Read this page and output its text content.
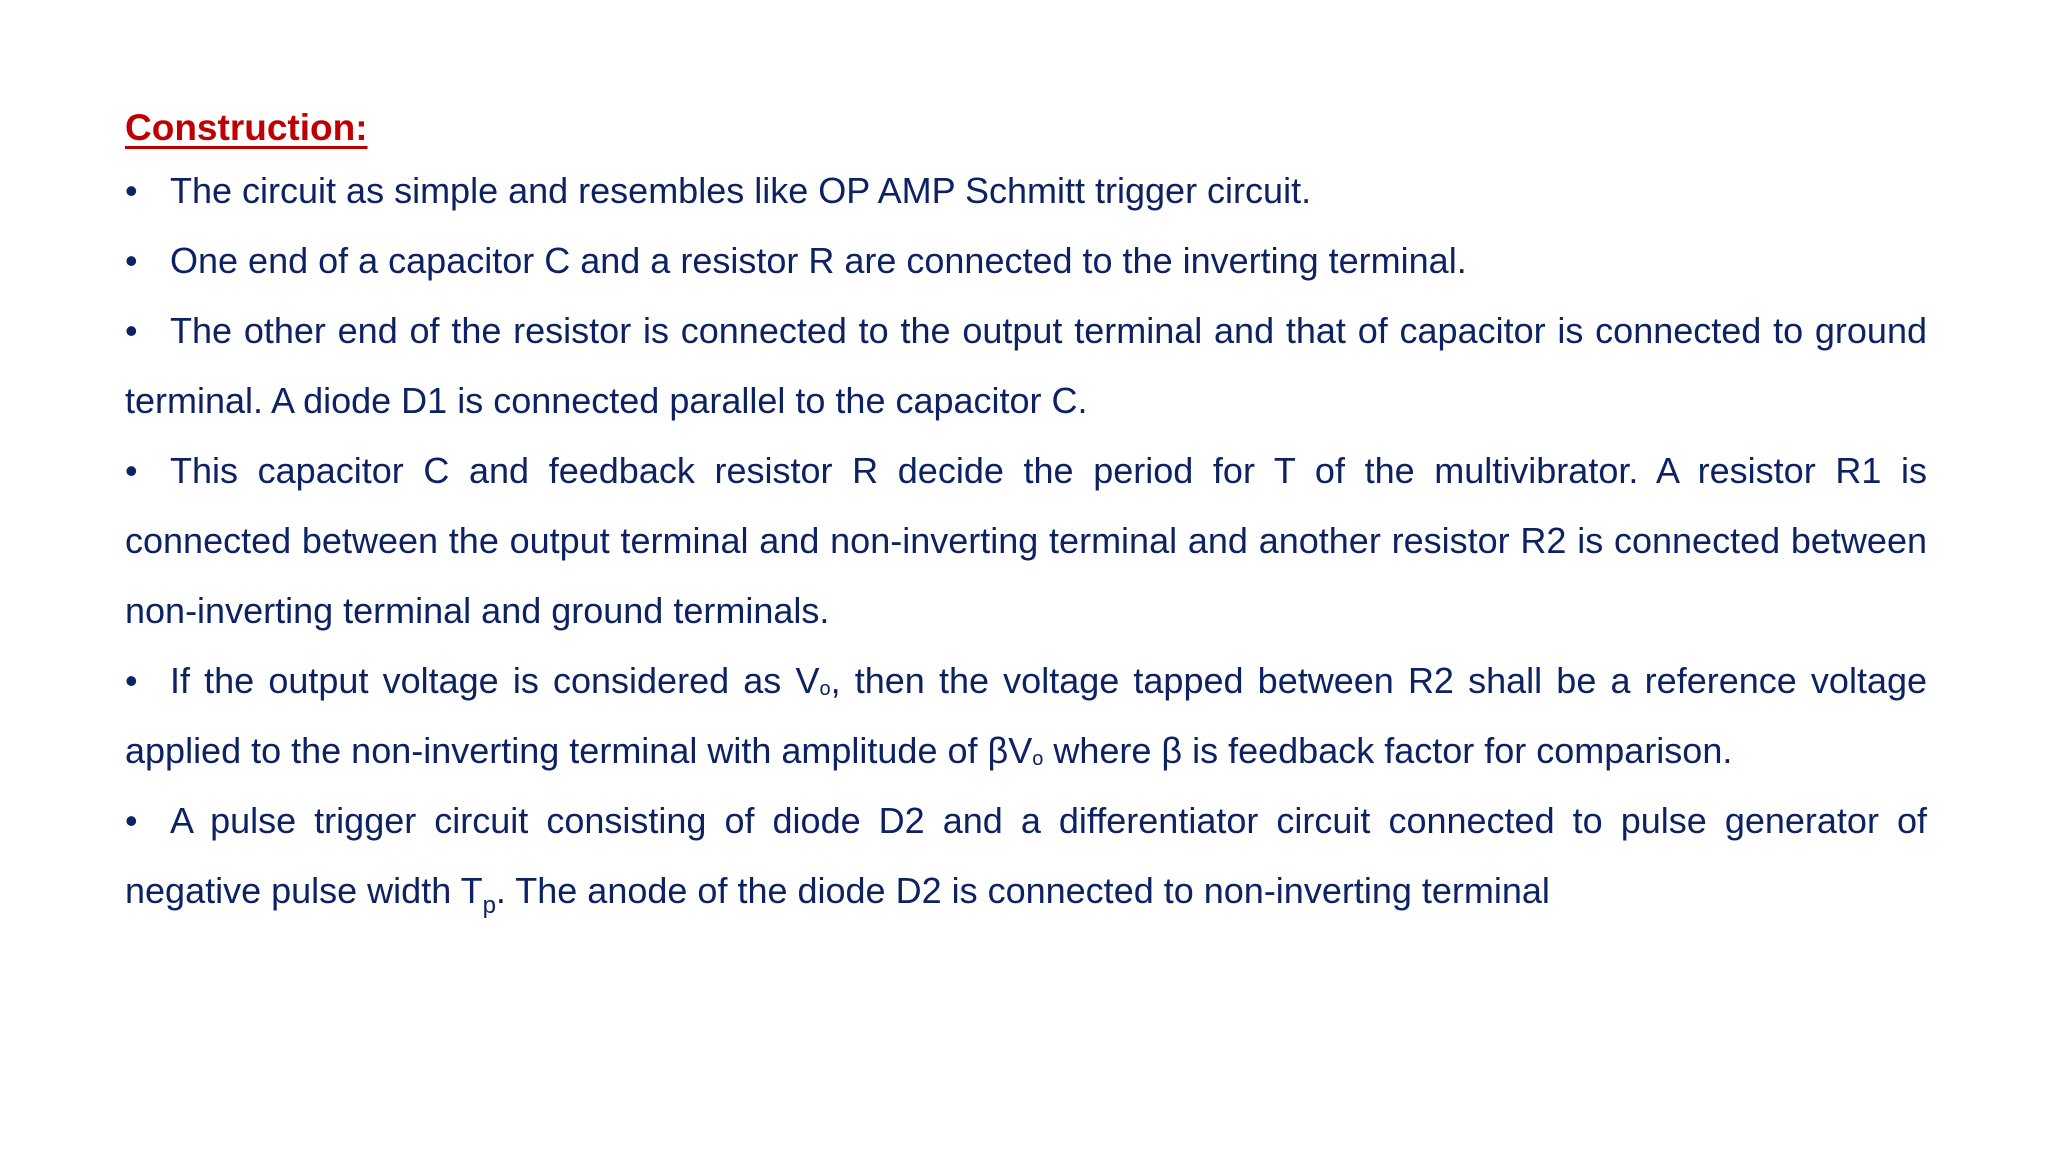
Construction:

• The circuit as simple and resembles like OP AMP Schmitt trigger circuit.

• One end of a capacitor C and a resistor R are connected to the inverting terminal.

• The other end of the resistor is connected to the output terminal and that of capacitor is connected to ground terminal. A diode D1 is connected parallel to the capacitor C.

• This capacitor C and feedback resistor R decide the period for T of the multivibrator. A resistor R1 is connected between the output terminal and non-inverting terminal and another resistor R2 is connected between non-inverting terminal and ground terminals.

• If the output voltage is considered as Vo, then the voltage tapped between R2 shall be a reference voltage applied to the non-inverting terminal with amplitude of βVo where β is feedback factor for comparison.

• A pulse trigger circuit consisting of diode D2 and a differentiator circuit connected to pulse generator of negative pulse width $T_p$. The anode of the diode D2 is connected to non-inverting terminal
